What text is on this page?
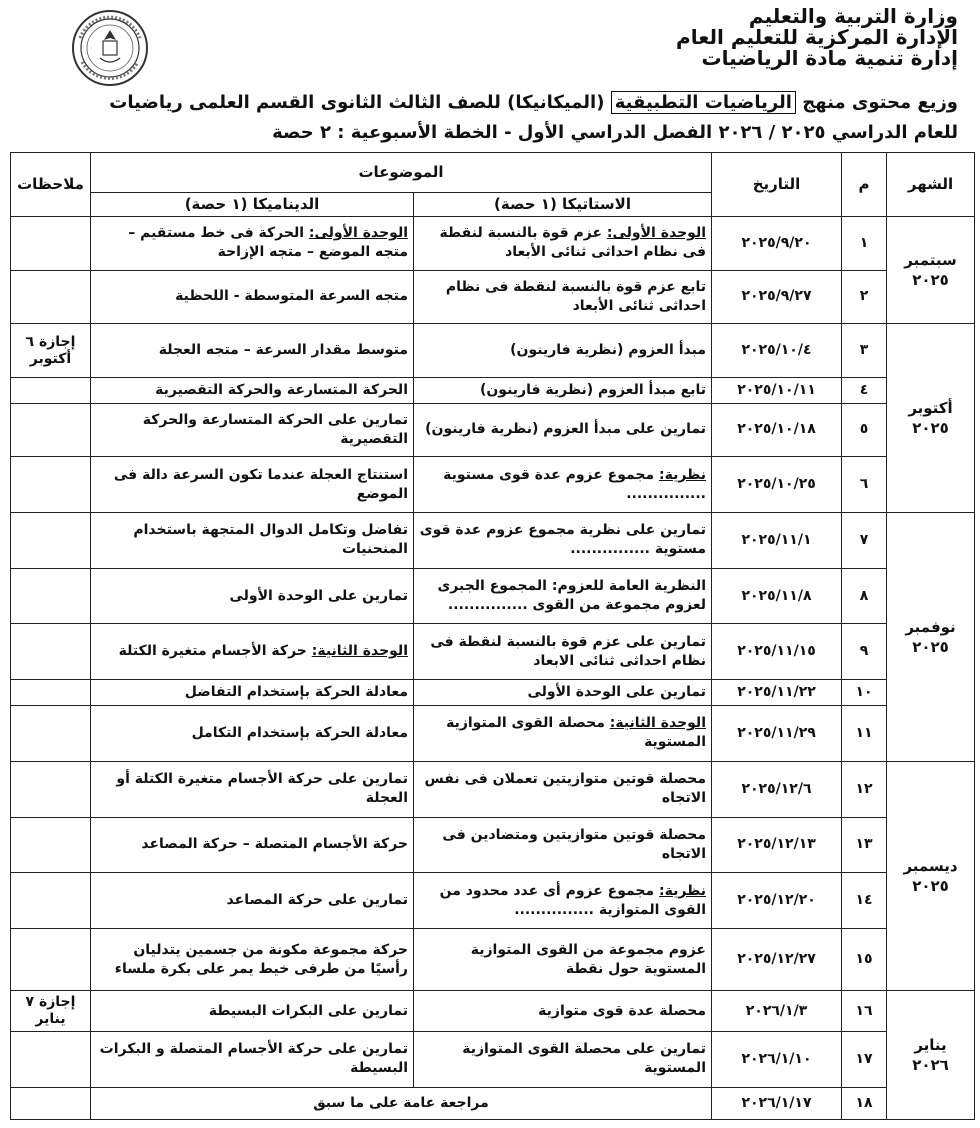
وزارة التربية والتعليم
الإدارة المركزية للتعليم العام
إدارة تنمية مادة الرياضيات
وزيع محتوى منهج الرياضيات التطبيقية (الميكانيكا) للصف الثالث الثانوى القسم العلمى رياضيات
للعام الدراسي ٢٠٢٥ / ٢٠٢٦ الفصل الدراسي الأول - الخطة الأسبوعية : ٢ حصة
الشهر	م	التاريخ	الموضوعات		ملاحظات
			الاستاتيكا (١ حصة)	الديناميكا (١ حصة)	

سبتمبر
٢٠٢٥	١	٢٠٢٥/٩/٢٠	الوحدة الأولى: عزم قوة بالنسبة لنقطة فى نظام احداثى ثنائى الأبعاد	الوحدة الأولى: الحركة فى خط مستقيم – متجه الموضع – متجه الإزاحة	
	٢	٢٠٢٥/٩/٢٧	تابع عزم قوة بالنسبة لنقطة فى نظام احداثى ثنائى الأبعاد	متجه السرعة المتوسطة - اللحظية	

أكتوبر
٢٠٢٥	٣	٢٠٢٥/١٠/٤	مبدأ العزوم (نظرية فارينون)	متوسط مقدار السرعة – متجه العجلة	إجازة ٦ أكتوبر
	٤	٢٠٢٥/١٠/١١	تابع مبدأ العزوم (نظرية فارينون)	الحركة المتسارعة والحركة التقصيرية	
	٥	٢٠٢٥/١٠/١٨	تمارين على مبدأ العزوم (نظرية فارينون)	تمارين على الحركة المتسارعة والحركة التقصيرية	
	٦	٢٠٢٥/١٠/٢٥	نظرية: مجموع عزوم عدة قوى مستوية ...............	استنتاج العجلة عندما تكون السرعة دالة فى الموضع	

نوفمبر
٢٠٢٥	٧	٢٠٢٥/١١/١	تمارين على نظرية مجموع عزوم عدة قوى مستوية ...............	تفاضل وتكامل الدوال المتجهة باستخدام المنحنيات	
	٨	٢٠٢٥/١١/٨	النظرية العامة للعزوم: المجموع الجبرى لعزوم مجموعة من القوى ...............	تمارين على الوحدة الأولى	
	٩	٢٠٢٥/١١/١٥	تمارين على عزم قوة بالنسبة لنقطة فى نظام احداثى ثنائى الابعاد	الوحدة الثانية: حركة الأجسام متغيرة الكتلة	
	١٠	٢٠٢٥/١١/٢٢	تمارين على الوحدة الأولى	معادلة الحركة بإستخدام التفاضل	
	١١	٢٠٢٥/١١/٢٩	الوحدة الثانية: محصلة القوى المتوازية المستوية	معادلة الحركة بإستخدام التكامل	

ديسمبر
٢٠٢٥	١٢	٢٠٢٥/١٢/٦	محصلة قوتين متوازيتين تعملان فى نفس الاتجاه	تمارين على حركة الأجسام متغيرة الكتلة أو العجلة	
	١٣	٢٠٢٥/١٢/١٣	محصلة قوتين متوازيتين ومتضادين فى الاتجاه	حركة الأجسام المتصلة – حركة المصاعد	
	١٤	٢٠٢٥/١٢/٢٠	نظرية: مجموع عزوم أى عدد محدود من القوى المتوازية ...............	تمارين على حركة المصاعد	
	١٥	٢٠٢٥/١٢/٢٧	عزوم مجموعة من القوى المتوازية المستوية حول نقطة	حركة مجموعة مكونة من جسمين يتدليان رأسيًا من طرفى خيط يمر على بكرة ملساء	

يناير
٢٠٢٦	١٦	٢٠٢٦/١/٣	محصلة عدة قوى متوازية	تمارين على البكرات البسيطة	إجازة ٧ يناير
	١٧	٢٠٢٦/١/١٠	تمارين على محصلة القوى المتوازية المستوية	تمارين على حركة الأجسام المتصلة و البكرات البسيطة	
	١٨	٢٠٢٦/١/١٧	مراجعة عامة على ما سبق		
